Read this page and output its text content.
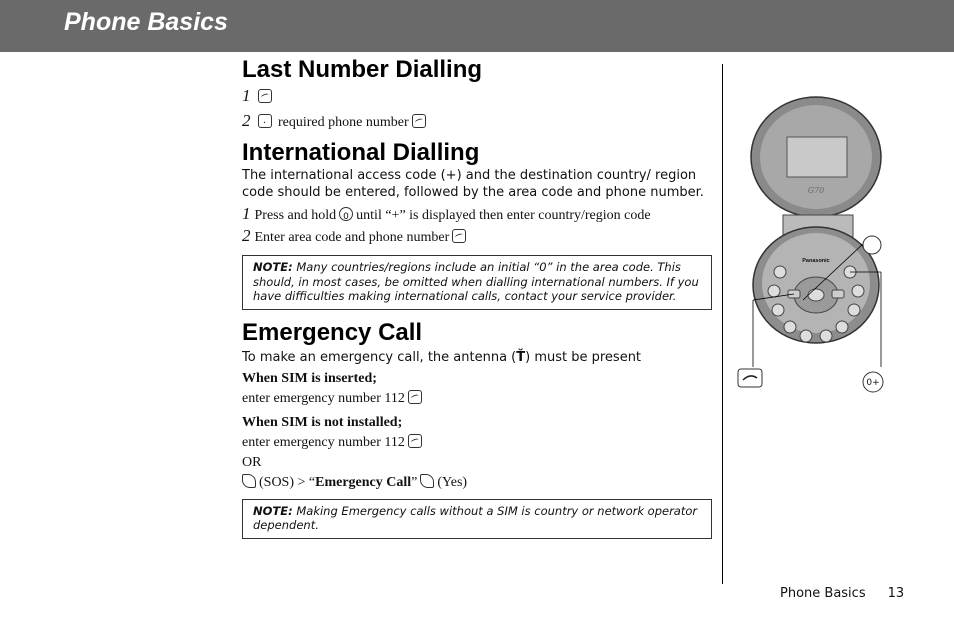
Phone Basics
Last Number Dialling
1
2 · required phone number
International Dialling
The international access code (+) and the destination country/ region code should be entered, followed by the area code and phone number.
1 Press and hold 0 until “+” is displayed then enter country/region code
2 Enter area code and phone number
NOTE: Many countries/regions include an initial “0” in the area code. This should, in most cases, be omitted when dialling international numbers. If you have difficulties making international calls, contact your service provider.
Emergency Call
To make an emergency call, the antenna (Ť) must be present
When SIM is inserted;
enter emergency number 112
When SIM is not installed;
enter emergency number 112
OR
(SOS) > “Emergency Call” (Yes)
NOTE: Making Emergency calls without a SIM is country or network operator dependent.
G70
Panasonic
0+
Phone Basics 13
